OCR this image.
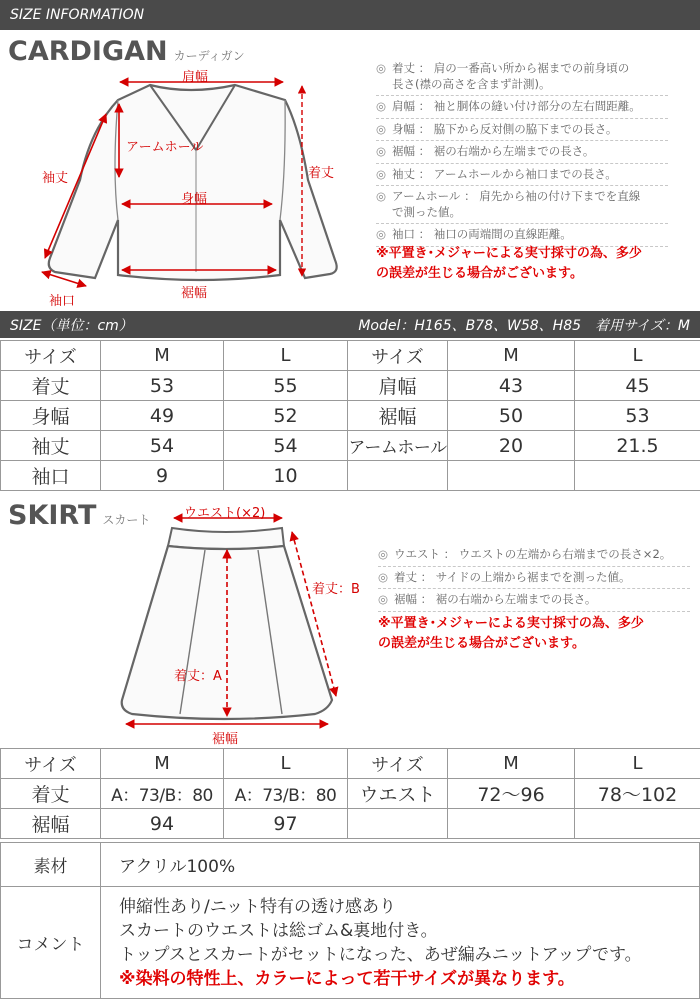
SIZE INFORMATION
CARDIGAN カーディガン
肩幅
アームホール
袖丈	着丈
身幅
裾幅
袖口
◎ 着丈 ： 肩の一番高い所から裾までの前身頃の
長さ(襟の高さを含まず計測)。
◎ 肩幅 ： 袖と胴体の縫い付け部分の左右間距離。
◎ 身幅 ： 脇下から反対側の脇下までの長さ。
◎ 裾幅 ： 裾の右端から左端までの長さ。
◎ 袖丈 ： アームホールから袖口までの長さ。
◎ アームホール ： 肩先から袖の付け下までを直線
で測った値。
◎ 袖口 ： 袖口の両端間の直線距離。
※平置き･メジャーによる実寸採寸の為、多少
の誤差が生じる場合がございます。
SIZE（単位：cm）	Model：H165、B78、W58、H85　着用サイズ：M
サイズ	M	L	サイズ	M	L
着丈	53	55	肩幅	43	45
身幅	49	52	裾幅	50	53
袖丈	54	54	アームホール	20	21.5
袖口	9	10			
SKIRT スカート	ウエスト(×2)
着丈：B
着丈：A
裾幅
◎ ウエスト ： ウエストの左端から右端までの長さ×2。
◎ 着丈 ： サイドの上端から裾までを測った値。
◎ 裾幅 ： 裾の右端から左端までの長さ。
※平置き･メジャーによる実寸採寸の為、多少
の誤差が生じる場合がございます。
サイズ	M	L	サイズ	M	L
着丈	A：73/B：80	A：73/B：80	ウエスト	72〜96	78〜102
裾幅	94	97			
素材	アクリル100%
コメント	伸縮性あり/ニット特有の透け感あり
スカートのウエストは総ゴム&裏地付き。
トップスとスカートがセットになった、あぜ編みニットアップです。
※染料の特性上、カラーによって若干サイズが異なります。
